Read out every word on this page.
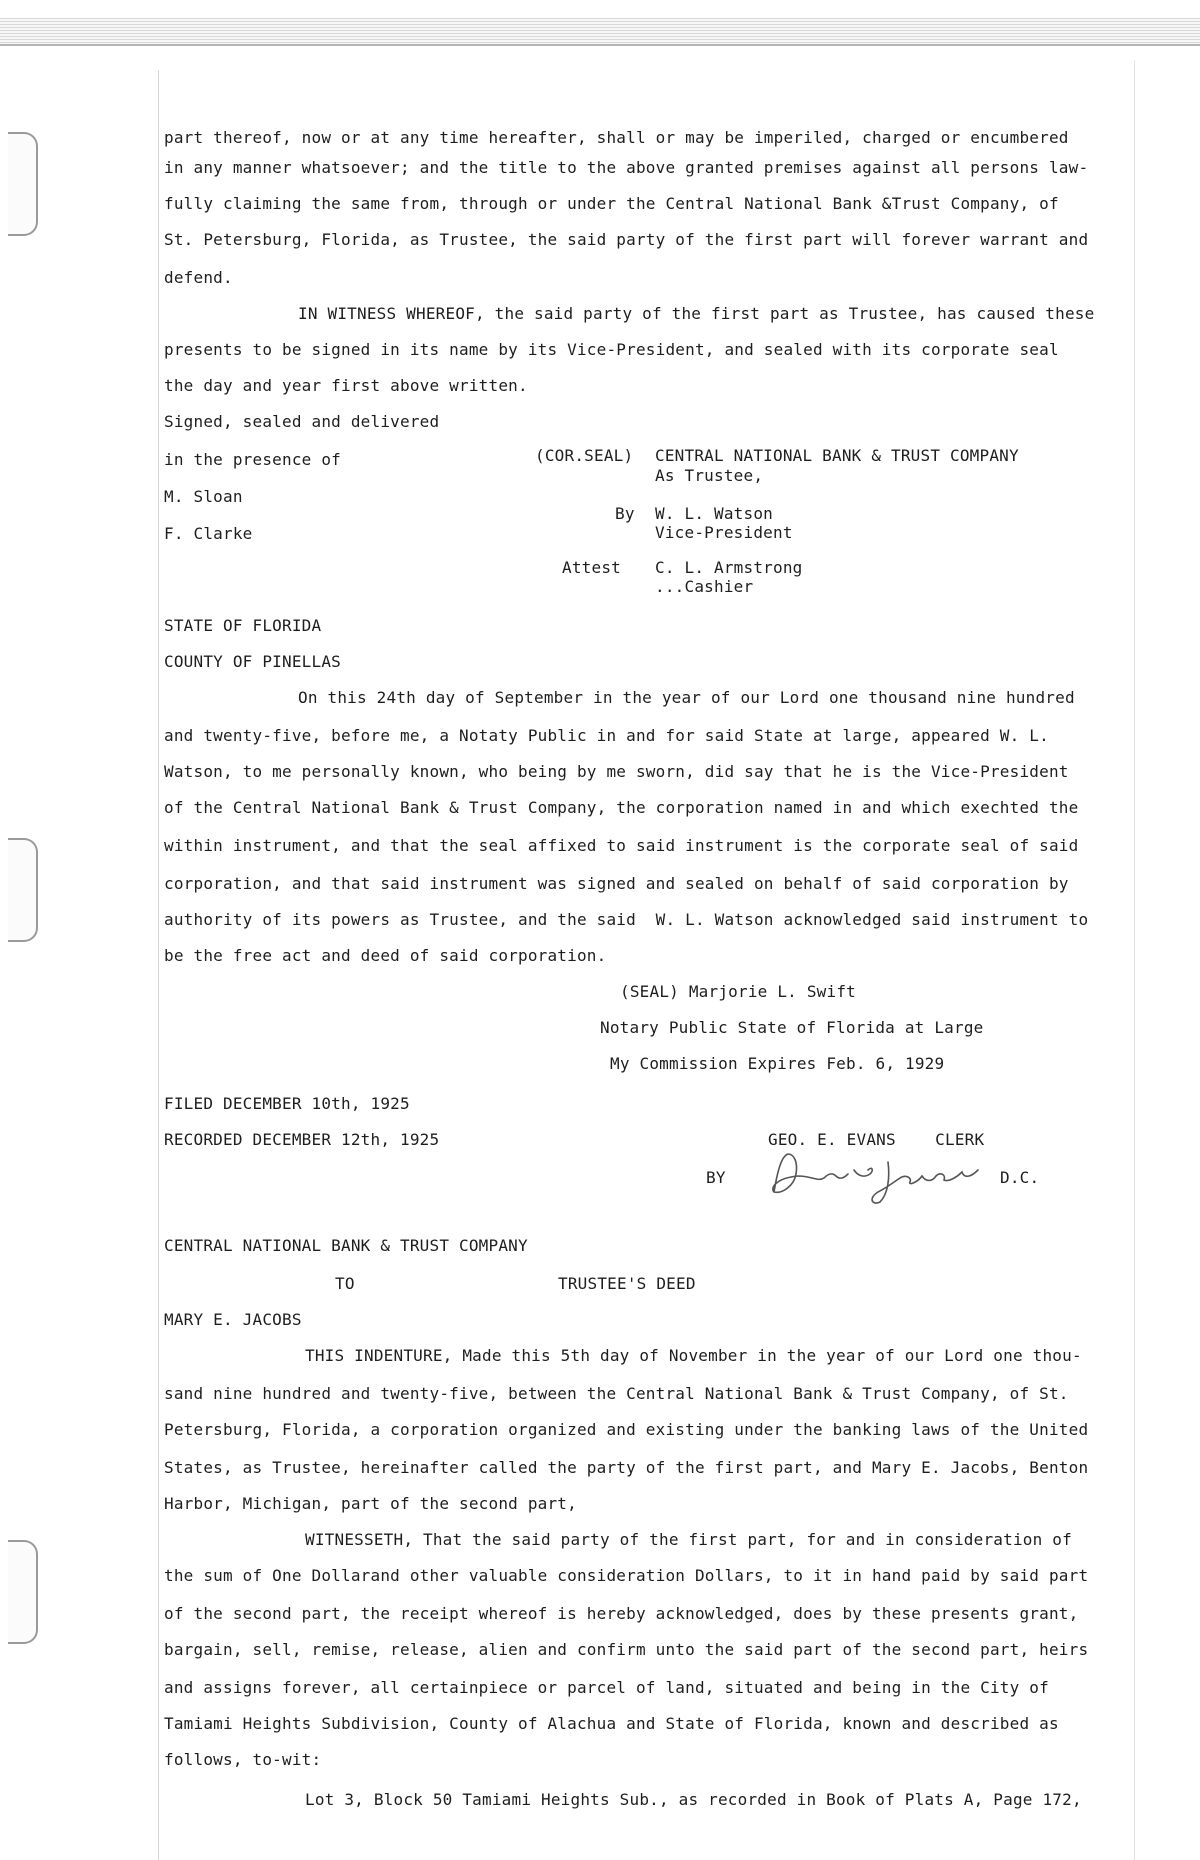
part thereof, now or at any time hereafter, shall or may be imperiled, charged or encumbered
in any manner whatsoever; and the title to the above granted premises against all persons law-
fully claiming the same from, through or under the Central National Bank &Trust Company, of
St. Petersburg, Florida, as Trustee, the said party of the first part will forever warrant and
defend.
IN WITNESS WHEREOF, the said party of the first part as Trustee, has caused these
presents to be signed in its name by its Vice-President, and sealed with its corporate seal
the day and year first above written.
Signed, sealed and delivered
in the presence of
M. Sloan
F. Clarke
(COR.SEAL) CENTRAL NATIONAL BANK & TRUST COMPANY
As Trustee,
By W. L. Watson
Vice-President
Attest C. L. Armstrong
...Cashier
STATE OF FLORIDA
COUNTY OF PINELLAS
On this 24th day of September in the year of our Lord one thousand nine hundred
and twenty-five, before me, a Notaty Public in and for said State at large, appeared W. L.
Watson, to me personally known, who being by me sworn, did say that he is the Vice-President
of the Central National Bank & Trust Company, the corporation named in and which exechted the
within instrument, and that the seal affixed to said instrument is the corporate seal of said
corporation, and that said instrument was signed and sealed on behalf of said corporation by
authority of its powers as Trustee, and the said  W. L. Watson acknowledged said instrument to
be the free act and deed of said corporation.
(SEAL) Marjorie L. Swift
Notary Public State of Florida at Large
My Commission Expires Feb. 6, 1929
FILED DECEMBER 10th, 1925
RECORDED DECEMBER 12th, 1925	GEO. E. EVANS    CLERK
BY	D.C.
CENTRAL NATIONAL BANK & TRUST COMPANY
TO	TRUSTEE'S DEED
MARY E. JACOBS
THIS INDENTURE, Made this 5th day of November in the year of our Lord one thou-
sand nine hundred and twenty-five, between the Central National Bank & Trust Company, of St.
Petersburg, Florida, a corporation organized and existing under the banking laws of the United
States, as Trustee, hereinafter called the party of the first part, and Mary E. Jacobs, Benton
Harbor, Michigan, part of the second part,
WITNESSETH, That the said party of the first part, for and in consideration of
the sum of One Dollarand other valuable consideration Dollars, to it in hand paid by said part
of the second part, the receipt whereof is hereby acknowledged, does by these presents grant,
bargain, sell, remise, release, alien and confirm unto the said part of the second part, heirs
and assigns forever, all certainpiece or parcel of land, situated and being in the City of
Tamiami Heights Subdivision, County of Alachua and State of Florida, known and described as
follows, to-wit:
Lot 3, Block 50 Tamiami Heights Sub., as recorded in Book of Plats A, Page 172,
